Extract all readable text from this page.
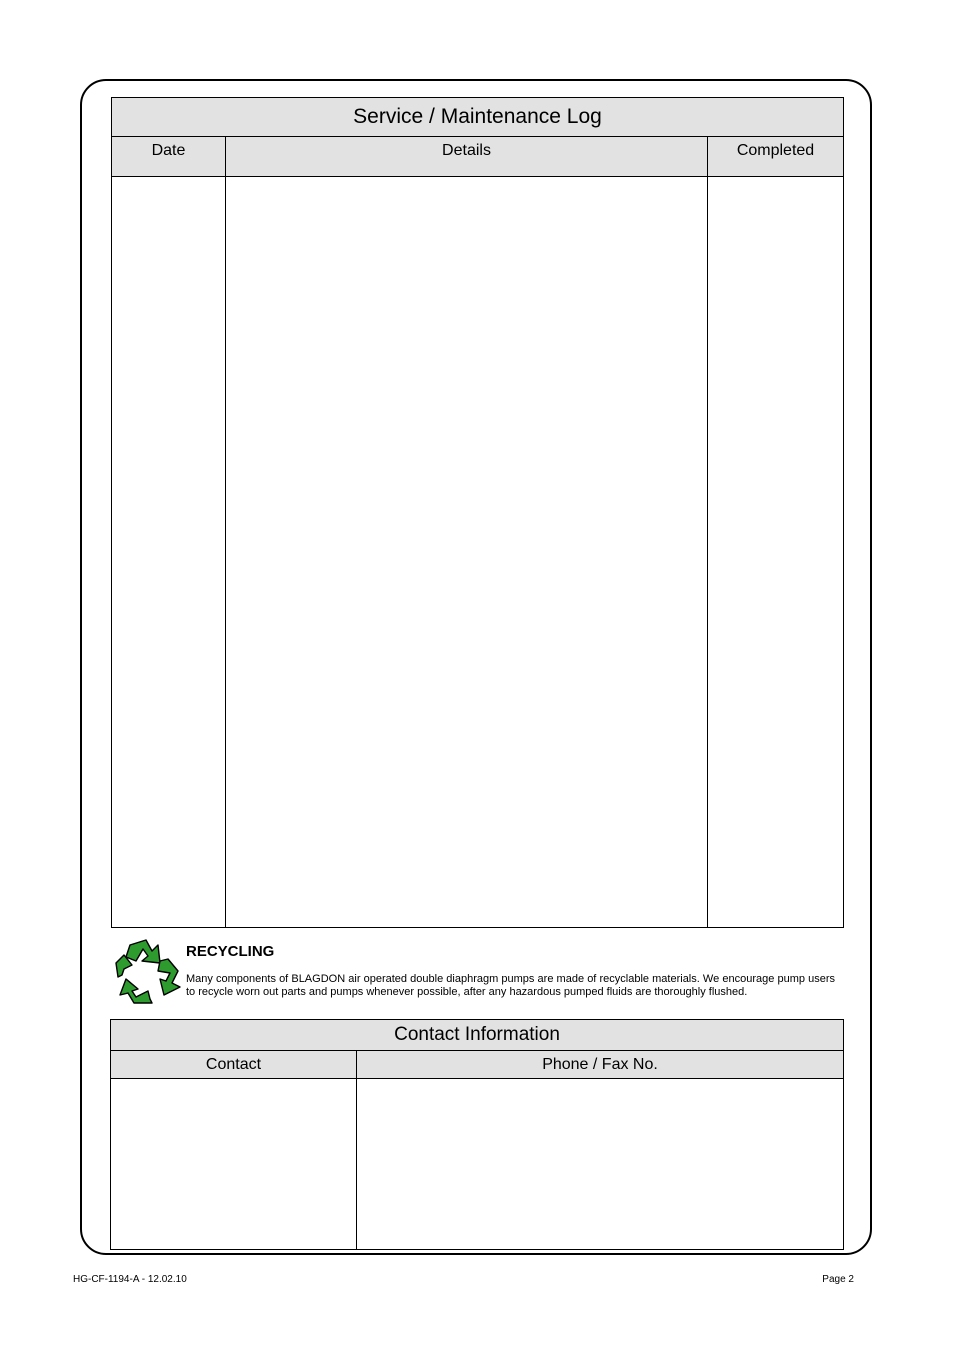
Service / Maintenance Log		
Date	Details	Completed

RECYCLING
Many components of BLAGDON air operated double diaphragm pumps are made of recyclable materials. We encourage pump users to recycle worn out parts and pumps whenever possible, after any hazardous pumped fluids are thoroughly flushed.
Contact Information	
Contact	Phone / Fax No.

HG-CF-1194-A - 12.02.10	Page 2
